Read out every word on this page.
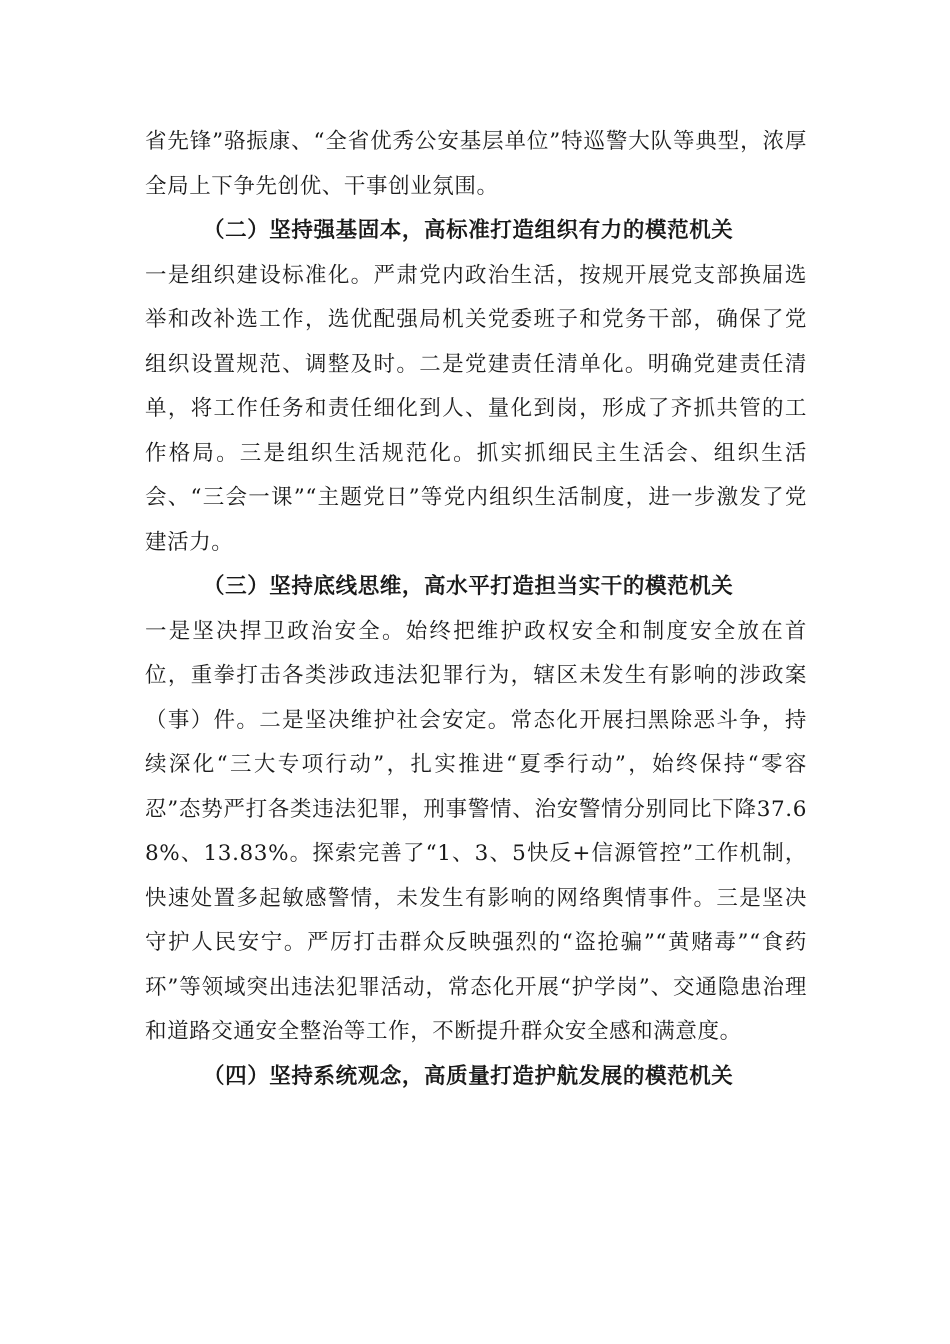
省先锋”骆振康、“全省优秀公安基层单位”特巡警大队等典型，浓厚全局上下争先创优、干事创业氛围。

（二）坚持强基固本，高标准打造组织有力的模范机关

一是组织建设标准化。严肃党内政治生活，按规开展党支部换届选举和改补选工作，选优配强局机关党委班子和党务干部，确保了党组织设置规范、调整及时。二是党建责任清单化。明确党建责任清单，将工作任务和责任细化到人、量化到岗，形成了齐抓共管的工作格局。三是组织生活规范化。抓实抓细民主生活会、组织生活会、“三会一课”“主题党日”等党内组织生活制度，进一步激发了党建活力。

（三）坚持底线思维，高水平打造担当实干的模范机关

一是坚决捍卫政治安全。始终把维护政权安全和制度安全放在首位，重拳打击各类涉政违法犯罪行为，辖区未发生有影响的涉政案（事）件。二是坚决维护社会安定。常态化开展扫黑除恶斗争，持续深化“三大专项行动”，扎实推进“夏季行动”，始终保持“零容忍”态势严打各类违法犯罪，刑事警情、治安警情分别同比下降37.68%、13.83%。探索完善了“1、3、5快反+信源管控”工作机制，快速处置多起敏感警情，未发生有影响的网络舆情事件。三是坚决守护人民安宁。严厉打击群众反映强烈的“盗抢骗”“黄赌毒”“食药环”等领域突出违法犯罪活动，常态化开展“护学岗”、交通隐患治理和道路交通安全整治等工作，不断提升群众安全感和满意度。

（四）坚持系统观念，高质量打造护航发展的模范机关
